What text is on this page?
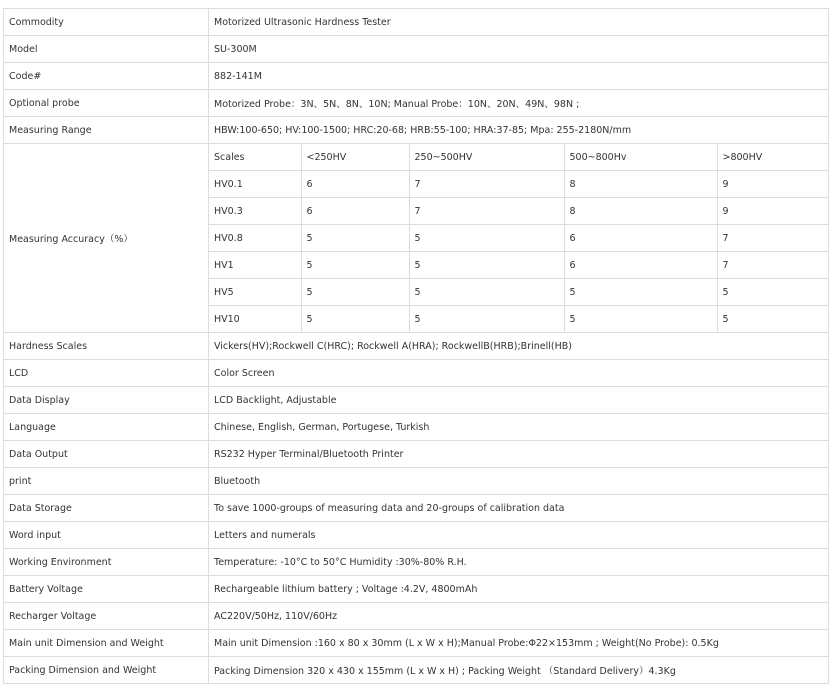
Commodity	Motorized Ultrasonic Hardness Tester
Model	SU-300M
Code#	882-141M
Optional probe	Motorized Probe：3N、5N、8N、10N; Manual Probe：10N、20N、49N、98N ;
Measuring Range	HBW:100-650; HV:100-1500; HRC:20-68; HRB:55-100; HRA:37-85; Mpa: 255-2180N/mm
Measuring Accuracy（%）	
Scales	<250HV	250~500HV	500~800Hv	>800HV
HV0.1	6	7	8	9
HV0.3	6	7	8	9
HV0.8	5	5	6	7
HV1	5	5	6	7
HV5	5	5	5	5
HV10	5	5	5	5

Hardness Scales	Vickers(HV);Rockwell C(HRC); Rockwell A(HRA); RockwellB(HRB);Brinell(HB)
LCD	Color Screen
Data Display	LCD Backlight, Adjustable
Language	Chinese, English, German, Portugese, Turkish
Data Output	RS232 Hyper Terminal/Bluetooth Printer
print	Bluetooth
Data Storage	To save 1000-groups of measuring data and 20-groups of calibration data
Word input	Letters and numerals
Working Environment	Temperature: -10°C to 50°C Humidity :30%-80% R.H.
Battery Voltage	Rechargeable lithium battery ; Voltage :4.2V, 4800mAh
Recharger Voltage	AC220V/50Hz, 110V/60Hz
Main unit Dimension and Weight	Main unit Dimension :160 x 80 x 30mm (L x W x H);Manual Probe:Φ22×153mm ; Weight(No Probe): 0.5Kg
Packing Dimension and Weight	Packing Dimension 320 x 430 x 155mm (L x W x H) ; Packing Weight （Standard Delivery）4.3Kg
